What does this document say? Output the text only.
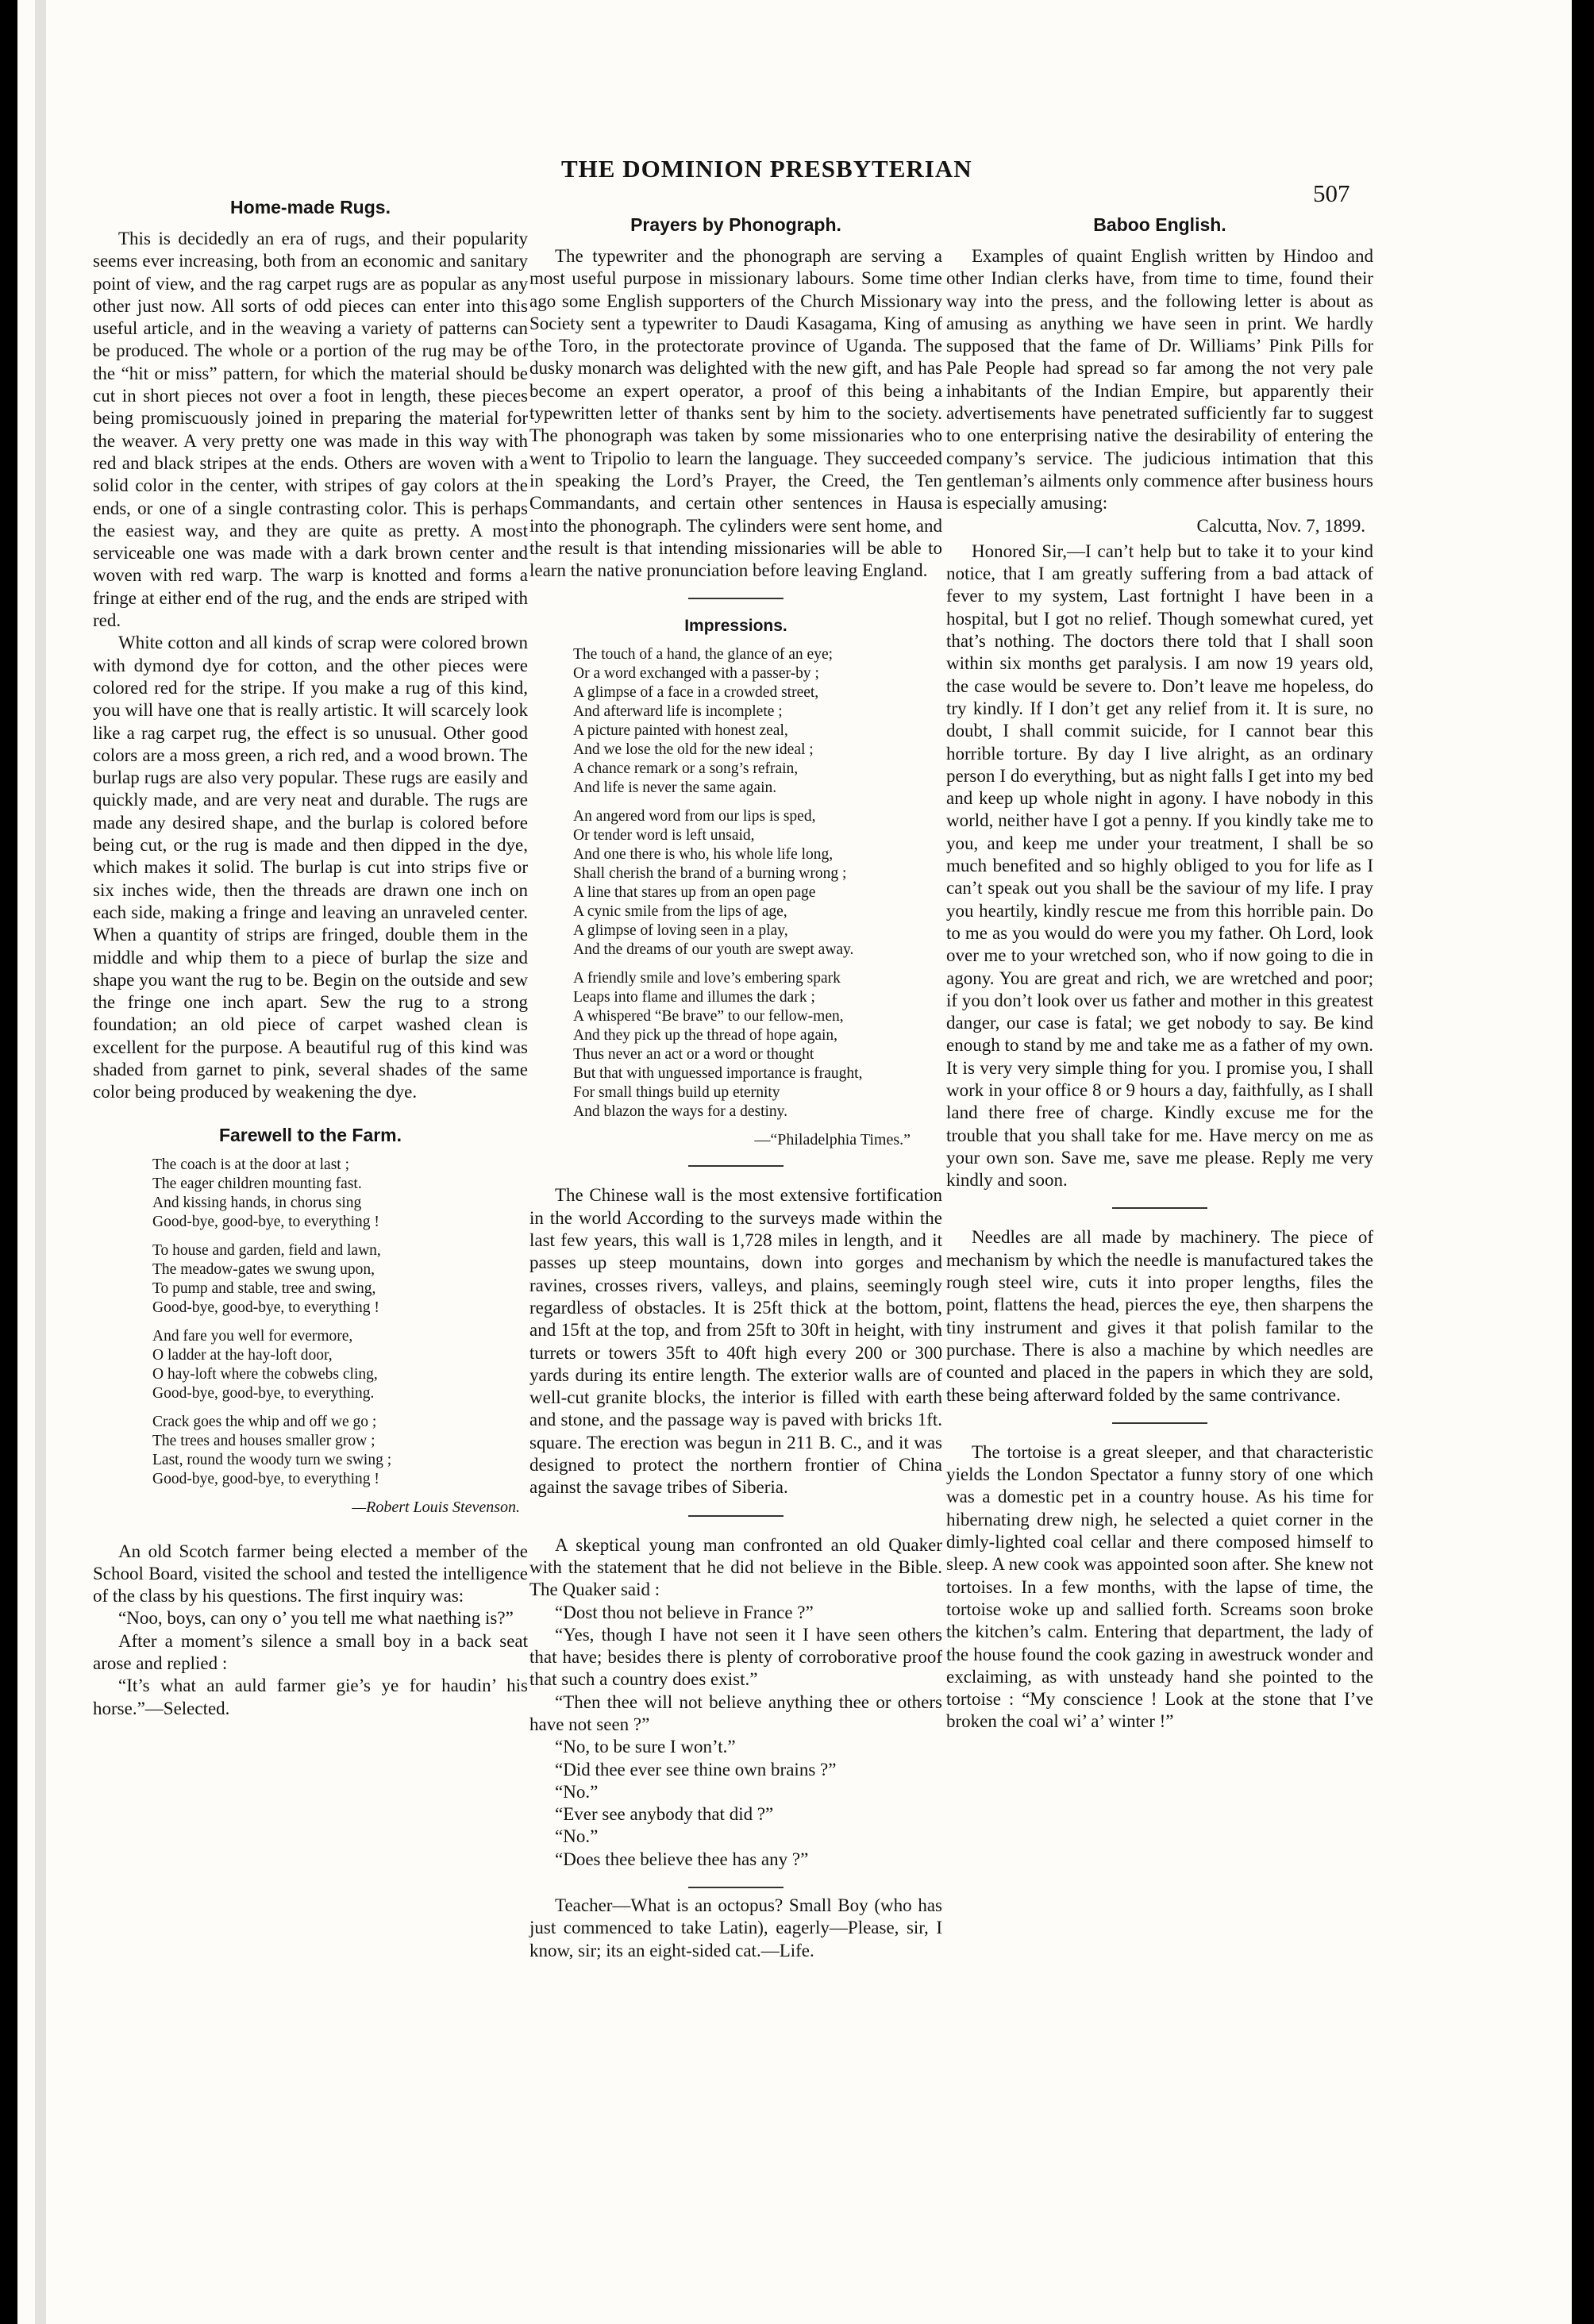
THE DOMINION PRESBYTERIAN
507
Home-made Rugs.

This is decidedly an era of rugs, and their popularity seems ever increasing, both from an economic and sanitary point of view, and the rag carpet rugs are as popular as any other just now. All sorts of odd pieces can enter into this useful article, and in the weaving a variety of patterns can be produced. The whole or a portion of the rug may be of the “hit or miss” pattern, for which the material should be cut in short pieces not over a foot in length, these pieces being promiscuously joined in preparing the material for the weaver. A very pretty one was made in this way with red and black stripes at the ends. Others are woven with a solid color in the center, with stripes of gay colors at the ends, or one of a single contrasting color. This is perhaps the easiest way, and they are quite as pretty. A most serviceable one was made with a dark brown center and woven with red warp. The warp is knotted and forms a fringe at either end of the rug, and the ends are striped with red.

White cotton and all kinds of scrap were colored brown with dymond dye for cotton, and the other pieces were colored red for the stripe. If you make a rug of this kind, you will have one that is really artistic. It will scarcely look like a rag carpet rug, the effect is so unusual. Other good colors are a moss green, a rich red, and a wood brown. The burlap rugs are also very popular. These rugs are easily and quickly made, and are very neat and durable. The rugs are made any desired shape, and the burlap is colored before being cut, or the rug is made and then dipped in the dye, which makes it solid. The burlap is cut into strips five or six inches wide, then the threads are drawn one inch on each side, making a fringe and leaving an unraveled center. When a quantity of strips are fringed, double them in the middle and whip them to a piece of burlap the size and shape you want the rug to be. Begin on the outside and sew the fringe one inch apart. Sew the rug to a strong foundation; an old piece of carpet washed clean is excellent for the purpose. A beautiful rug of this kind was shaded from garnet to pink, several shades of the same color being produced by weakening the dye.

Farewell to the Farm.
The coach is at the door at last ;
The eager children mounting fast.
And kissing hands, in chorus sing
Good-bye, good-bye, to everything !
To house and garden, field and lawn,
The meadow-gates we swung upon,
To pump and stable, tree and swing,
Good-bye, good-bye, to everything !
And fare you well for evermore,
O ladder at the hay-loft door,
O hay-loft where the cobwebs cling,
Good-bye, good-bye, to everything.
Crack goes the whip and off we go ;
The trees and houses smaller grow ;
Last, round the woody turn we swing ;
Good-bye, good-bye, to everything !
—Robert Louis Stevenson.

An old Scotch farmer being elected a member of the School Board, visited the school and tested the intelligence of the class by his questions. The first inquiry was:

“Noo, boys, can ony o’ you tell me what naething is?”

After a moment’s silence a small boy in a back seat arose and replied :

“It’s what an auld farmer gie’s ye for haudin’ his horse.”—Selected.

Prayers by Phonograph.

The typewriter and the phonograph are serving a most useful purpose in missionary labours. Some time ago some English supporters of the Church Missionary Society sent a typewriter to Daudi Kasagama, King of the Toro, in the protectorate province of Uganda. The dusky monarch was delighted with the new gift, and has become an expert operator, a proof of this being a typewritten letter of thanks sent by him to the society. The phonograph was taken by some missionaries who went to Tripolio to learn the language. They succeeded in speaking the Lord’s Prayer, the Creed, the Ten Commandants, and certain other sentences in Hausa into the phonograph. The cylinders were sent home, and the result is that intending missionaries will be able to learn the native pronunciation before leaving England.

Impressions.
The touch of a hand, the glance of an eye;
Or a word exchanged with a passer-by ;
A glimpse of a face in a crowded street,
And afterward life is incomplete ;
A picture painted with honest zeal,
And we lose the old for the new ideal ;
A chance remark or a song’s refrain,
And life is never the same again.
An angered word from our lips is sped,
Or tender word is left unsaid,
And one there is who, his whole life long,
Shall cherish the brand of a burning wrong ;
A line that stares up from an open page
A cynic smile from the lips of age,
A glimpse of loving seen in a play,
And the dreams of our youth are swept away.
A friendly smile and love’s embering spark
Leaps into flame and illumes the dark ;
A whispered “Be brave” to our fellow-men,
And they pick up the thread of hope again,
Thus never an act or a word or thought
But that with unguessed importance is fraught,
For small things build up eternity
And blazon the ways for a destiny.
—“Philadelphia Times.”

The Chinese wall is the most extensive fortification in the world According to the surveys made within the last few years, this wall is 1,728 miles in length, and it passes up steep mountains, down into gorges and ravines, crosses rivers, valleys, and plains, seemingly regardless of obstacles. It is 25ft thick at the bottom, and 15ft at the top, and from 25ft to 30ft in height, with turrets or towers 35ft to 40ft high every 200 or 300 yards during its entire length. The exterior walls are of well-cut granite blocks, the interior is filled with earth and stone, and the passage way is paved with bricks 1ft. square. The erection was begun in 211 B. C., and it was designed to protect the northern frontier of China against the savage tribes of Siberia.

A skeptical young man confronted an old Quaker with the statement that he did not believe in the Bible. The Quaker said :

“Dost thou not believe in France ?”

“Yes, though I have not seen it I have seen others that have; besides there is plenty of corroborative proof that such a country does exist.”

“Then thee will not believe anything thee or others have not seen ?”

“No, to be sure I won’t.”

“Did thee ever see thine own brains ?”

“No.”

“Ever see anybody that did ?”

“No.”

“Does thee believe thee has any ?”

Teacher—What is an octopus? Small Boy (who has just commenced to take Latin), eagerly—Please, sir, I know, sir; its an eight-sided cat.—Life.

Baboo English.

Examples of quaint English written by Hindoo and other Indian clerks have, from time to time, found their way into the press, and the following letter is about as amusing as anything we have seen in print. We hardly supposed that the fame of Dr. Williams’ Pink Pills for Pale People had spread so far among the not very pale inhabitants of the Indian Empire, but apparently their advertisements have penetrated sufficiently far to suggest to one enterprising native the desirability of entering the company’s service. The judicious intimation that this gentleman’s ailments only commence after business hours is especially amusing:

Calcutta, Nov. 7, 1899.

Honored Sir,—I can’t help but to take it to your kind notice, that I am greatly suffering from a bad attack of fever to my system, Last fortnight I have been in a hospital, but I got no relief. Though somewhat cured, yet that’s nothing. The doctors there told that I shall soon within six months get paralysis. I am now 19 years old, the case would be severe to. Don’t leave me hopeless, do try kindly. If I don’t get any relief from it. It is sure, no doubt, I shall commit suicide, for I cannot bear this horrible torture. By day I live alright, as an ordinary person I do everything, but as night falls I get into my bed and keep up whole night in agony. I have nobody in this world, neither have I got a penny. If you kindly take me to you, and keep me under your treatment, I shall be so much benefited and so highly obliged to you for life as I can’t speak out you shall be the saviour of my life. I pray you heartily, kindly rescue me from this horrible pain. Do to me as you would do were you my father. Oh Lord, look over me to your wretched son, who if now going to die in agony. You are great and rich, we are wretched and poor; if you don’t look over us father and mother in this greatest danger, our case is fatal; we get nobody to say. Be kind enough to stand by me and take me as a father of my own. It is very very simple thing for you. I promise you, I shall work in your office 8 or 9 hours a day, faithfully, as I shall land there free of charge. Kindly excuse me for the trouble that you shall take for me. Have mercy on me as your own son. Save me, save me please. Reply me very kindly and soon.

Needles are all made by machinery. The piece of mechanism by which the needle is manufactured takes the rough steel wire, cuts it into proper lengths, files the point, flattens the head, pierces the eye, then sharpens the tiny instrument and gives it that polish familar to the purchase. There is also a machine by which needles are counted and placed in the papers in which they are sold, these being afterward folded by the same contrivance.

The tortoise is a great sleeper, and that characteristic yields the London Spectator a funny story of one which was a domestic pet in a country house. As his time for hibernating drew nigh, he selected a quiet corner in the dimly-lighted coal cellar and there composed himself to sleep. A new cook was appointed soon after. She knew not tortoises. In a few months, with the lapse of time, the tortoise woke up and sallied forth. Screams soon broke the kitchen’s calm. Entering that department, the lady of the house found the cook gazing in awestruck wonder and exclaiming, as with unsteady hand she pointed to the tortoise : “My conscience ! Look at the stone that I’ve broken the coal wi’ a’ winter !”
